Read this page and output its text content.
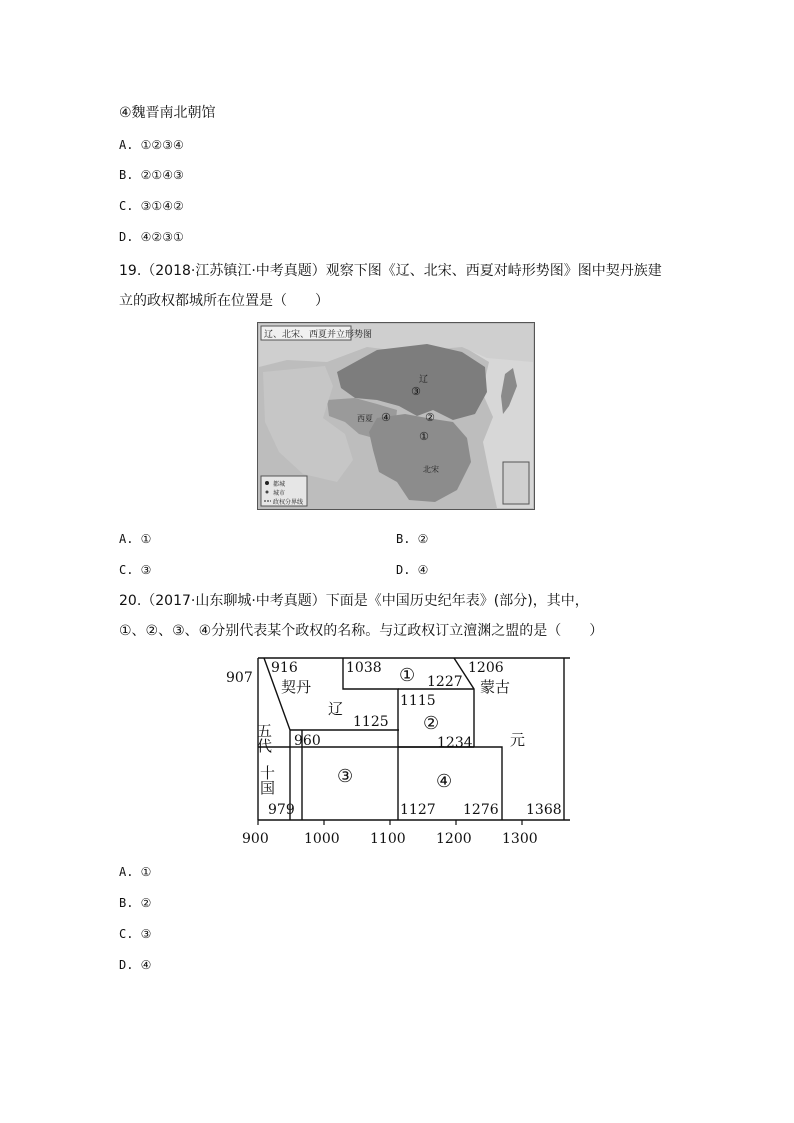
④魏晋南北朝馆
A. ①②③④
B. ②①④③
C. ③①④②
D. ④②③①
19.（2018·江苏镇江·中考真题）观察下图《辽、北宋、西夏对峙形势图》图中契丹族建
立的政权都城所在位置是（　　）
辽、北宋、西夏并立形势图
辽
西夏
北宋
③
②
④
①
都城
城市
政权分界线
A. ①	B. ②
C. ③	D. ④
20.（2017·山东聊城·中考真题）下面是《中国历史纪年表》(部分)，其中，
①、②、③、④分别代表某个政权的名称。与辽政权订立澶渊之盟的是（　　）
907
916	1038	1206
1227
1115
1125
960	1234
979	1127 1276 1368
契丹
辽
五代
十国
蒙古
元
①
②
③	④
900	1000 1100 1200 1300
A. ①
B. ②
C. ③
D. ④
